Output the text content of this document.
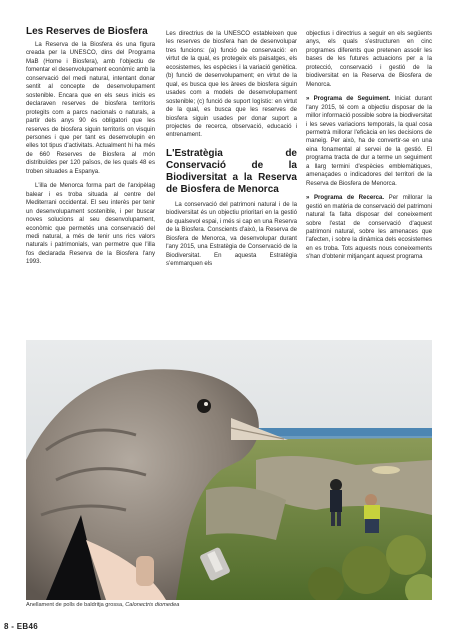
Les Reserves de Biosfera

La Reserva de la Biosfera és una figura creada per la UNESCO, dins del Programa MaB (Home i Biosfera), amb l'objectiu de fomentar el desenvolupament econòmic amb la conservació del medi natural, intentant donar sentit al concepte de desenvolupament sostenible. Encara que en els seus inicis es declaraven reserves de biosfera territoris protegits com a parcs nacionals o naturals, a partir dels anys 90 és obligatori que les reserves de biosfera siguin territoris on visquin persones i que per tant es desenvolupin en elles tot tipus d'activitats. Actualment hi ha més de 660 Reserves de Biosfera al món distribuïdes per 120 països, de les quals 48 es troben situades a Espanya.

L'illa de Menorca forma part de l'arxipèlag balear i es troba situada al centre del Mediterrani occidental. El seu interès per tenir un desenvolupament sostenible, i per buscar noves solucions al seu desenvolupament, econòmic que permetés una conservació del medi natural, a més de tenir uns rics valors naturals i patrimonials, van permetre que l'illa fos declarada Reserva de la Biosfera l'any 1993.

Les directrius de la UNESCO estableixen que les reserves de biosfera han de desenvolupar tres funcions: (a) funció de conservació: en virtut de la qual, es protegeix els paisatges, els ecosistemes, les espècies i la variació genètica. (b) funció de desenvolupament; en virtut de la qual, es busca que les àrees de biosfera siguin usades com a models de desenvolupament sostenible; (c) funció de suport logístic: en virtut de la qual, es busca que les reserves de biosfera siguin usades per donar suport a projectes de recerca, observació, educació i entrenament.

L'Estratègia de Conservació de la Biodiversitat a la Reserva de Biosfera de Menorca

La conservació del patrimoni natural i de la biodiversitat és un objectiu prioritari en la gestió de qualsevol espai, i més si cap en una Reserva de la Biosfera. Conscients d'això, la Reserva de Biosfera de Menorca, va desenvolupar durant l'any 2015, una Estratègia de Conservació de la Biodiversitat. En aquesta Estratègia s'emmarquen els

objectius i directrius a seguir en els següents anys, els quals s'estructuren en cinc programes diferents que pretenen assolir les bases de les futures actuacions per a la protecció, conservació i gestió de la biodiversitat en la Reserva de Biosfera de Menorca.

» Programa de Seguiment. Iniciat durant l'any 2015, té com a objectiu disposar de la millor informació possible sobre la biodiversitat i les seves variacions temporals, la qual cosa permetrà millorar l'eficàcia en les decisions de maneig. Per això, ha de convertir-se en una eina fonamental al servei de la gestió. El programa tracta de dur a terme un seguiment a llarg termini d'espècies emblemàtiques, amenaçades o indicadores del territori de la Reserva de Biosfera de Menorca.

» Programa de Recerca. Per millorar la gestió en matèria de conservació del patrimoni natural fa falta disposar del coneixement sobre l'estat de conservació d'aquest patrimoni natural, sobre les amenaces que l'afecten, i sobre la dinàmica dels ecosistemes en es troba. Tots aquests nous coneixements s'han d'obtenir mitjançant aquest programa

Anellament de polls de baldritja grossa, Calonectris diomedea
8 - EB46
